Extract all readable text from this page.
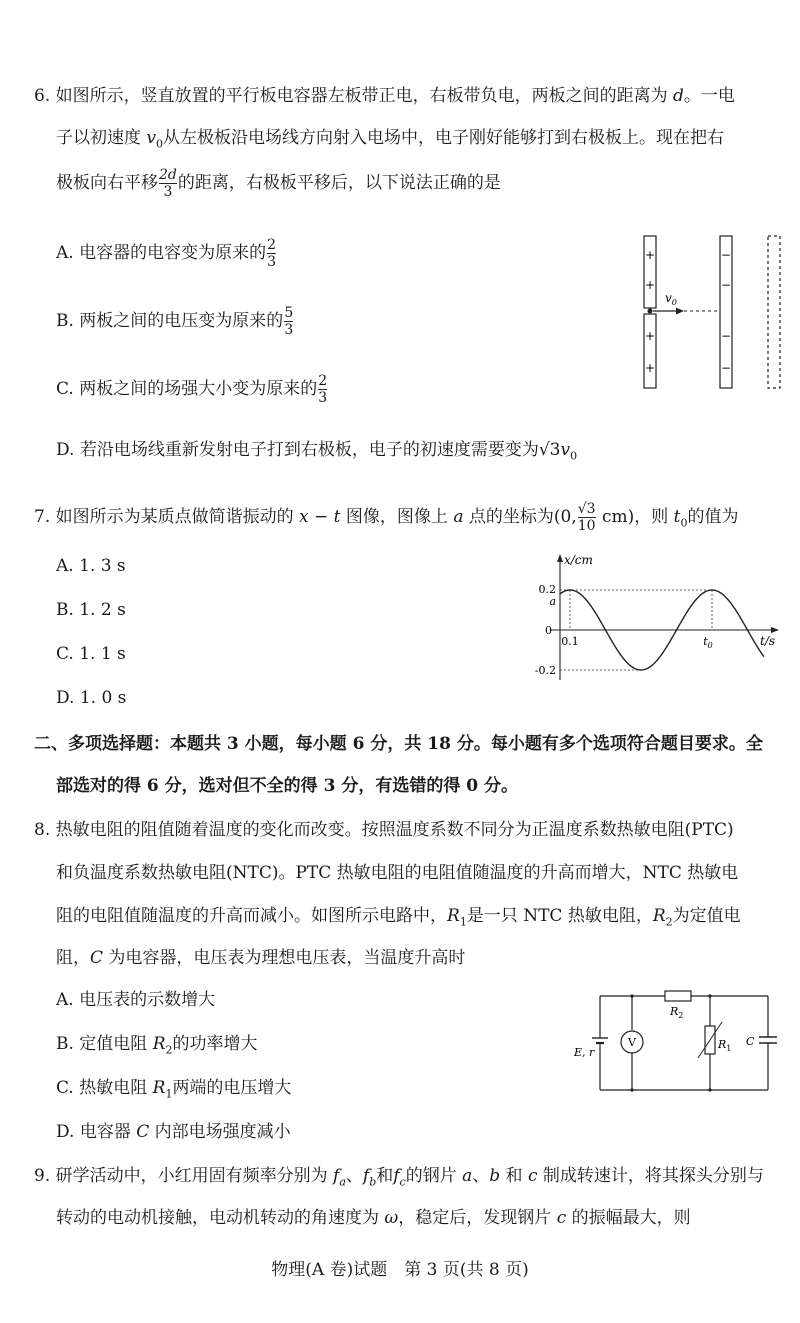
6. 如图所示，竖直放置的平行板电容器左板带正电，右板带负电，两板之间的距离为 d。一电
子以初速度 $v_0$从左极板沿电场线方向射入电场中，电子刚好能够打到右极板上。现在把右
极板向右平移 $\frac{2d}{3}$ 的距离，右极板平移后，以下说法正确的是
A. 电容器的电容变为原来的 $\frac{2}{3}$
B. 两板之间的电压变为原来的 $\frac{5}{3}$
C. 两板之间的场强大小变为原来的 $\frac{2}{3}$
D. 若沿电场线重新发射电子打到右极板，电子的初速度需要变为$√3v_0$
+
+
+
+
$v_0$
−
−
−
−
7. 如图所示为某质点做简谐振动的 x − t 图像，图像上 a 点的坐标为(0, $\frac{√3}{10} cm$)，则 $t_0$的值为
A. 1. 3 s
B. 1. 2 s
C. 1. 1 s
D. 1. 0 s
x/cm
t/s
0.2
a
0
-0.2
0.1	$t_0$
二、多项选择题：本题共 3 小题，每小题 6 分，共 18 分。每小题有多个选项符合题目要求。全
部选对的得 6 分，选对但不全的得 3 分，有选错的得 0 分。
8. 热敏电阻的阻值随着温度的变化而改变。按照温度系数不同分为正温度系数热敏电阻(PTC)
和负温度系数热敏电阻(NTC)。PTC 热敏电阻的电阻值随温度的升高而增大，NTC 热敏电
阻的电阻值随温度的升高而减小。如图所示电路中，$R_1$是一只 NTC 热敏电阻，$R_2$为定值电
阻，C 为电容器，电压表为理想电压表，当温度升高时
A. 电压表的示数增大
B. 定值电阻 $R_2$的功率增大
C. 热敏电阻 $R_1$两端的电压增大
D. 电容器 C 内部电场强度减小
E, r
V
$R_2$
$R_1$
C
9. 研学活动中，小红用固有频率分别为 $f_a$、$f_b$和$f_c$的钢片 a、b 和 c 制成转速计，将其探头分别与
转动的电动机接触，电动机转动的角速度为 ω，稳定后，发现钢片 c 的振幅最大，则
物理(A 卷)试题　第 3 页(共 8 页)
